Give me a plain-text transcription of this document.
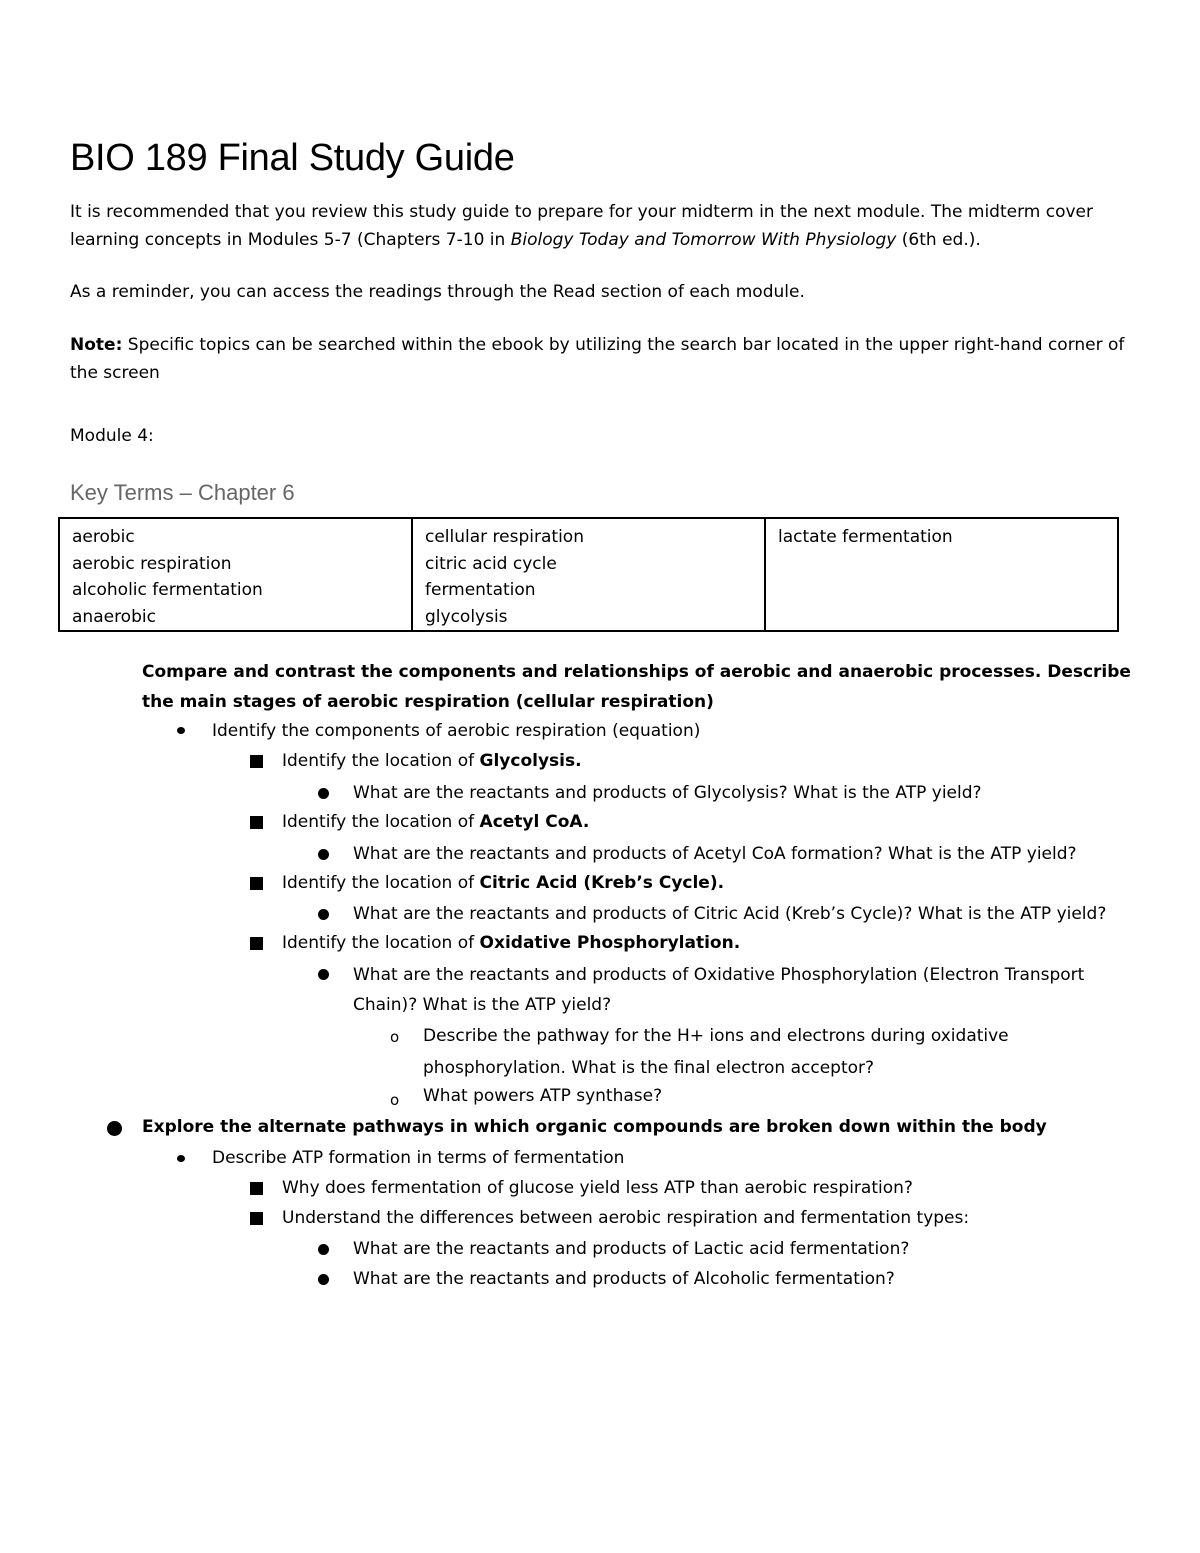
BIO 189 Final Study Guide

It is recommended that you review this study guide to prepare for your midterm in the next module. The midterm cover learning concepts in Modules 5-7 (Chapters 7-10 in Biology Today and Tomorrow With Physiology (6th ed.).

As a reminder, you can access the readings through the Read section of each module.

Note: Specific topics can be searched within the ebook by utilizing the search bar located in the upper right-hand corner of the screen

Module 4:

Key Terms – Chapter 6
aerobic
aerobic respiration
alcoholic fermentation
anaerobic

cellular respiration
citric acid cycle
fermentation
glycolysis

lactate fermentation

Compare and contrast the components and relationships of aerobic and anaerobic processes. Describe the main stages of aerobic respiration (cellular respiration)

Identify the components of aerobic respiration (equation)

Identify the location of Glycolysis.

What are the reactants and products of Glycolysis? What is the ATP yield?

Identify the location of Acetyl CoA.

What are the reactants and products of Acetyl CoA formation? What is the ATP yield?

Identify the location of Citric Acid (Kreb’s Cycle).

What are the reactants and products of Citric Acid (Kreb’s Cycle)? What is the ATP yield?

Identify the location of Oxidative Phosphorylation.

What are the reactants and products of Oxidative Phosphorylation (Electron Transport Chain)? What is the ATP yield?

o Describe the pathway for the H+ ions and electrons during oxidative phosphorylation. What is the final electron acceptor?

o What powers ATP synthase?

Explore the alternate pathways in which organic compounds are broken down within the body

Describe ATP formation in terms of fermentation

Why does fermentation of glucose yield less ATP than aerobic respiration?

Understand the differences between aerobic respiration and fermentation types:

What are the reactants and products of Lactic acid fermentation?

What are the reactants and products of Alcoholic fermentation?
